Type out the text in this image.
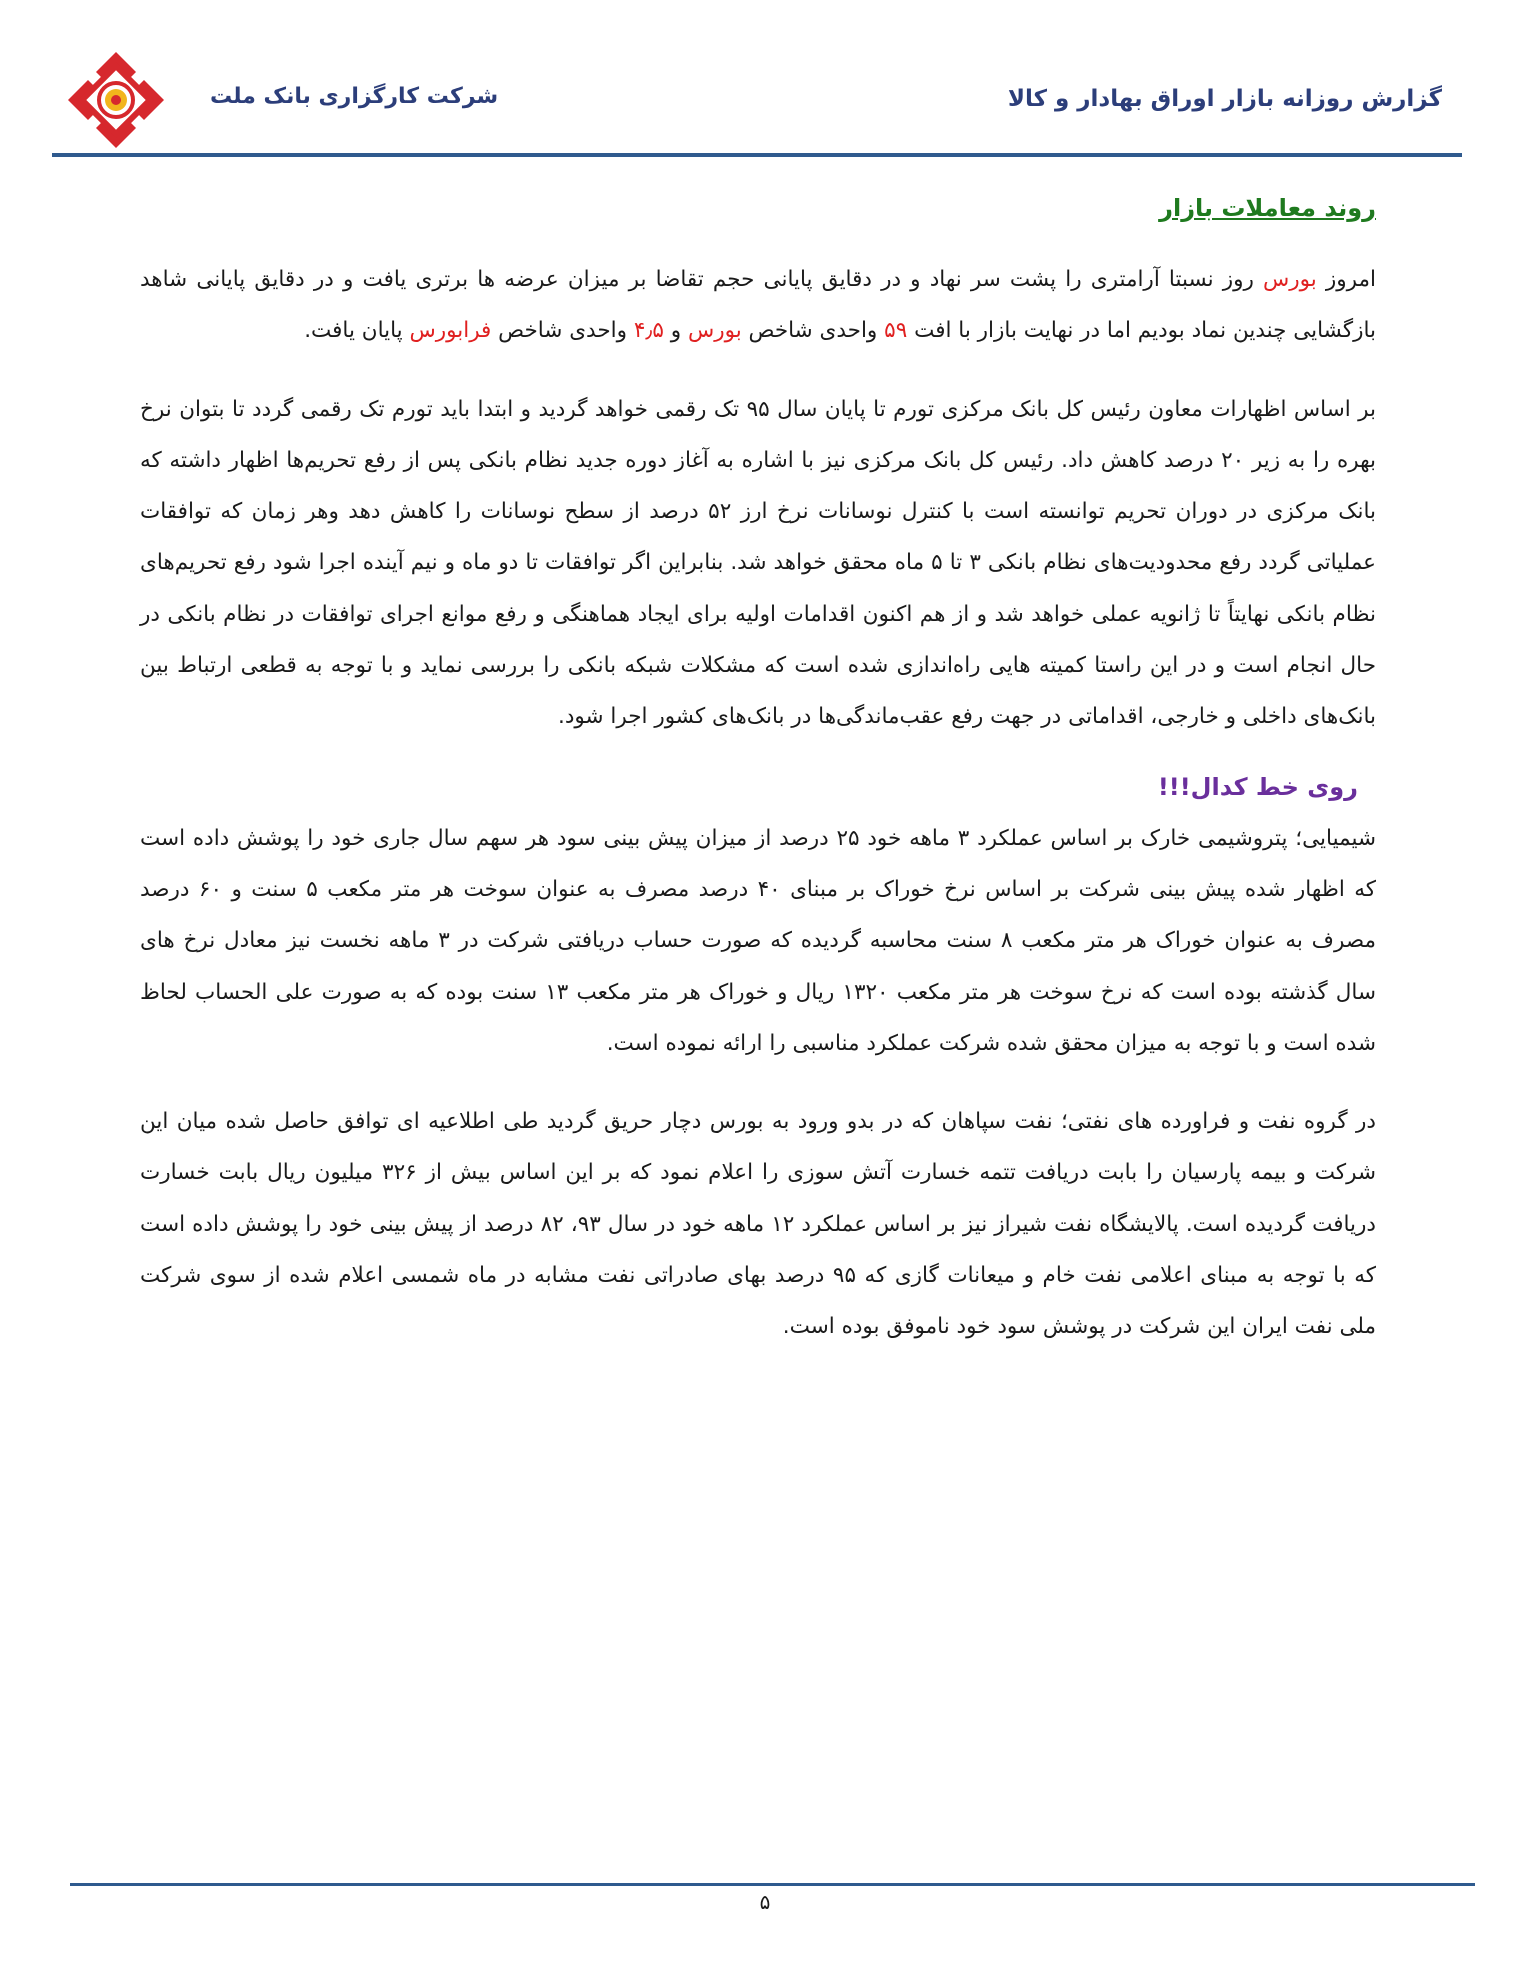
شرکت کارگزاری بانک ملت	گزارش روزانه بازار اوراق بهادار و کالا
روند معاملات بازار

امروز بورس روز نسبتا آرامتری را پشت سر نهاد و در دقایق پایانی حجم تقاضا بر میزان عرضه ها برتری یافت و در دقایق پایانی شاهد بازگشایی چندین نماد بودیم اما در نهایت بازار با افت ۵۹ واحدی شاخص بورس و ۴٫۵ واحدی شاخص فرابورس پایان یافت.

بر اساس اظهارات معاون رئیس کل بانک مرکزی تورم تا پایان سال ۹۵ تک رقمی خواهد گردید و ابتدا باید تورم تک رقمی گردد تا بتوان نرخ بهره را به زیر ۲۰ درصد کاهش داد. رئیس کل بانک مرکزی نیز با اشاره به آغاز دوره جدید نظام بانکی پس از رفع تحریم‌ها اظهار داشته که بانک مرکزی در دوران تحریم توانسته است با کنترل نوسانات نرخ ارز ۵۲ درصد از سطح نوسانات را کاهش دهد وهر زمان که توافقات عملیاتی گردد رفع محدودیت‌های نظام بانکی ۳ تا ۵ ماه محقق خواهد شد. بنابراین اگر توافقات تا دو ماه و نیم آینده اجرا شود رفع تحریم‌های نظام بانکی نهایتاً تا ژانویه عملی خواهد شد و از هم اکنون اقدامات اولیه برای ایجاد هماهنگی و رفع موانع اجرای توافقات در نظام بانکی در حال انجام است و در این راستا کمیته هایی راه‌اندازی شده است که مشکلات شبکه بانکی را بررسی نماید و با توجه به قطعی ارتباط بین بانک‌های داخلی و خارجی، اقداماتی در جهت رفع عقب‌ماندگی‌ها در بانک‌های کشور اجرا شود.

روی خط کدال!!!

شیمیایی؛ پتروشیمی خارک بر اساس عملکرد ۳ ماهه خود ۲۵ درصد از میزان پیش بینی سود هر سهم سال جاری خود را پوشش داده است که اظهار شده پیش بینی شرکت بر اساس نرخ خوراک بر مبنای ۴۰ درصد مصرف به عنوان سوخت هر متر مکعب ۵ سنت و ۶۰ درصد مصرف به عنوان خوراک هر متر مکعب ۸ سنت محاسبه گردیده که صورت حساب دریافتی شرکت در ۳ ماهه نخست نیز معادل نرخ های سال گذشته بوده است که نرخ سوخت هر متر مکعب ۱۳۲۰ ریال و خوراک هر متر مکعب ۱۳ سنت بوده که به صورت علی الحساب لحاظ شده است و با توجه به میزان محقق شده شرکت عملکرد مناسبی را ارائه نموده است.

در گروه نفت و فراورده های نفتی؛ نفت سپاهان که در بدو ورود به بورس دچار حریق گردید طی اطلاعیه ای توافق حاصل شده میان این شرکت و بیمه پارسیان را بابت دریافت تتمه خسارت آتش سوزی را اعلام نمود که بر این اساس بیش از ۳۲۶ میلیون ریال بابت خسارت دریافت گردیده است. پالایشگاه نفت شیراز نیز بر اساس عملکرد ۱۲ ماهه خود در سال ۹۳، ۸۲ درصد از پیش بینی خود را پوشش داده است که با توجه به مبنای اعلامی نفت خام و میعانات گازی که ۹۵ درصد بهای صادراتی نفت مشابه در ماه شمسی اعلام شده از سوی شرکت ملی نفت ایران این شرکت در پوشش سود خود ناموفق بوده است.

۵
